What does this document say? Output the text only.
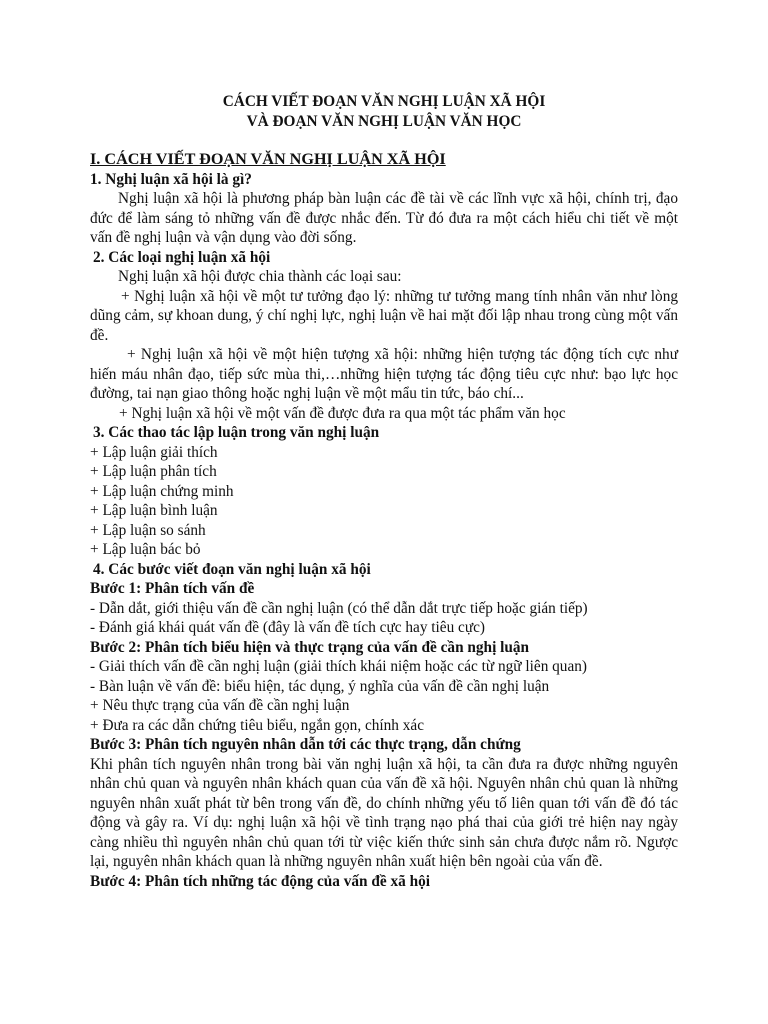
CÁCH VIẾT ĐOẠN VĂN NGHỊ LUẬN XÃ HỘI

VÀ ĐOẠN VĂN NGHỊ LUẬN VĂN HỌC

I. CÁCH VIẾT ĐOẠN VĂN NGHỊ LUẬN XÃ HỘI

1. Nghị luận xã hội là gì?

Nghị luận xã hội là phương pháp bàn luận các đề tài về các lĩnh vực xã hội, chính trị, đạo đức để làm sáng tỏ những vấn đề được nhắc đến. Từ đó đưa ra một cách hiểu chi tiết về một vấn đề nghị luận và vận dụng vào đời sống.

2. Các loại nghị luận xã hội

Nghị luận xã hội được chia thành các loại sau:

+ Nghị luận xã hội về một tư tưởng đạo lý: những tư tưởng mang tính nhân văn như lòng dũng cảm, sự khoan dung, ý chí nghị lực, nghị luận về hai mặt đối lập nhau trong cùng một vấn đề.

+ Nghị luận xã hội về một hiện tượng xã hội: những hiện tượng tác động tích cực như hiến máu nhân đạo, tiếp sức mùa thi,…những hiện tượng tác động tiêu cực như: bạo lực học đường, tai nạn giao thông hoặc nghị luận về một mẩu tin tức, báo chí...

+ Nghị luận xã hội về một vấn đề được đưa ra qua một tác phẩm văn học

3. Các thao tác lập luận trong văn nghị luận

+ Lập luận giải thích

+ Lập luận phân tích

+ Lập luận chứng minh

+ Lập luận bình luận

+ Lập luận so sánh

+ Lập luận bác bỏ

4. Các bước viết đoạn văn nghị luận xã hội

Bước 1: Phân tích vấn đề

- Dẫn dắt, giới thiệu vấn đề cần nghị luận (có thể dẫn dắt trực tiếp hoặc gián tiếp)

- Đánh giá khái quát vấn đề (đây là vấn đề tích cực hay tiêu cực)

Bước 2: Phân tích biểu hiện và thực trạng của vấn đề cần nghị luận

- Giải thích vấn đề cần nghị luận (giải thích khái niệm hoặc các từ ngữ liên quan)

- Bàn luận về vấn đề: biểu hiện, tác dụng, ý nghĩa của vấn đề cần nghị luận

+ Nêu thực trạng của vấn đề cần nghị luận

+ Đưa ra các dẫn chứng tiêu biểu, ngắn gọn, chính xác

Bước 3: Phân tích nguyên nhân dẫn tới các thực trạng, dẫn chứng

Khi phân tích nguyên nhân trong bài văn nghị luận xã hội, ta cần đưa ra được những nguyên nhân chủ quan và nguyên nhân khách quan của vấn đề xã hội. Nguyên nhân chủ quan là những nguyên nhân xuất phát từ bên trong vấn đề, do chính những yếu tố liên quan tới vấn đề đó tác động và gây ra. Ví dụ: nghị luận xã hội về tình trạng nạo phá thai của giới trẻ hiện nay ngày càng nhiều thì nguyên nhân chủ quan tới từ việc kiến thức sinh sản chưa được nắm rõ. Ngược lại, nguyên nhân khách quan là những nguyên nhân xuất hiện bên ngoài của vấn đề.

Bước 4: Phân tích những tác động của vấn đề xã hội
